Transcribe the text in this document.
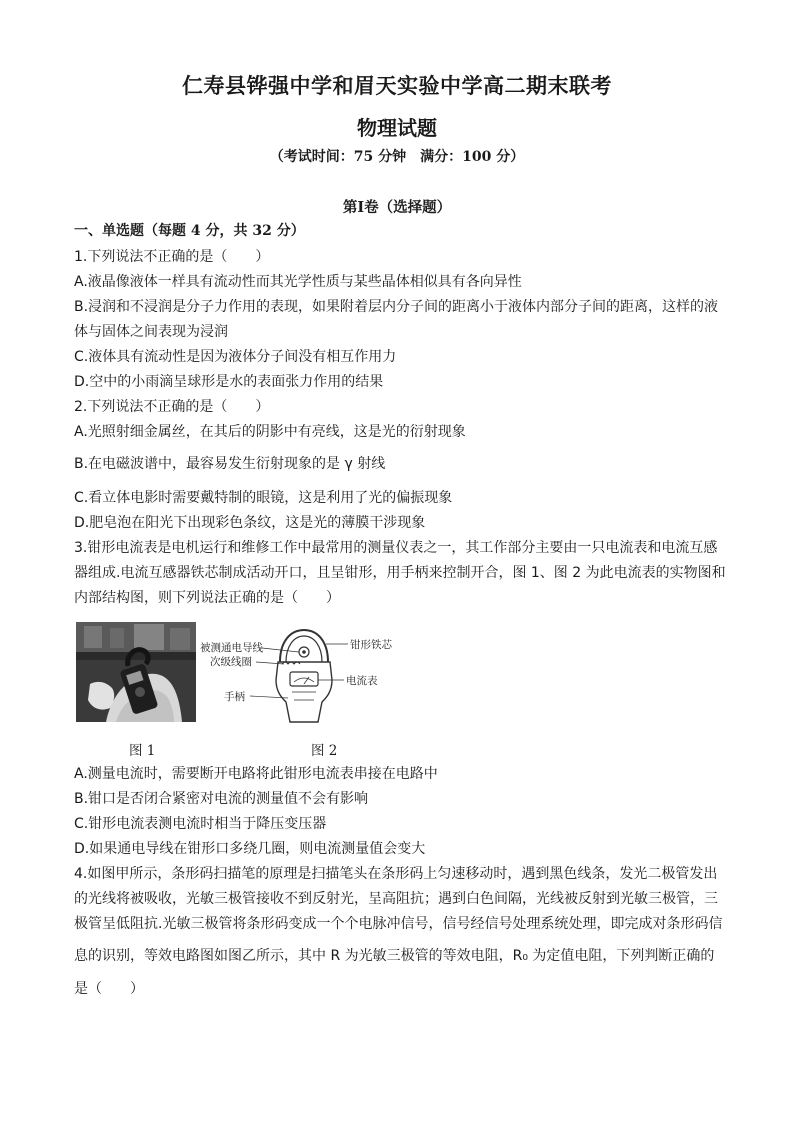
仁寿县铧强中学和眉天实验中学高二期末联考
物理试题
（考试时间：75 分钟　满分：100 分）
第Ⅰ卷（选择题）
一、单选题（每题 4 分，共 32 分）
1.下列说法不正确的是（　　）
A.液晶像液体一样具有流动性而其光学性质与某些晶体相似具有各向异性
B.浸润和不浸润是分子力作用的表现，如果附着层内分子间的距离小于液体内部分子间的距离，这样的液
体与固体之间表现为浸润
C.液体具有流动性是因为液体分子间没有相互作用力
D.空中的小雨滴呈球形是水的表面张力作用的结果
2.下列说法不正确的是（　　）
A.光照射细金属丝，在其后的阴影中有亮线，这是光的衍射现象
B.在电磁波谱中，最容易发生衍射现象的是 γ 射线
C.看立体电影时需要戴特制的眼镜，这是利用了光的偏振现象
D.肥皂泡在阳光下出现彩色条纹，这是光的薄膜干涉现象
3.钳形电流表是电机运行和维修工作中最常用的测量仪表之一，其工作部分主要由一只电流表和电流互感
器组成.电流互感器铁芯制成活动开口，且呈钳形，用手柄来控制开合，图 1、图 2 为此电流表的实物图和
内部结构图，则下列说法正确的是（　　）
被测通电导线
次级线圈
钳形铁芯
电流表
手柄
图 1	图 2
A.测量电流时，需要断开电路将此钳形电流表串接在电路中
B.钳口是否闭合紧密对电流的测量值不会有影响
C.钳形电流表测电流时相当于降压变压器
D.如果通电导线在钳形口多绕几圈，则电流测量值会变大
4.如图甲所示，条形码扫描笔的原理是扫描笔头在条形码上匀速移动时，遇到黑色线条，发光二极管发出
的光线将被吸收，光敏三极管接收不到反射光，呈高阻抗；遇到白色间隔，光线被反射到光敏三极管，三
极管呈低阻抗.光敏三极管将条形码变成一个个电脉冲信号，信号经信号处理系统处理，即完成对条形码信
息的识别，等效电路图如图乙所示，其中 R 为光敏三极管的等效电阻，R₀ 为定值电阻，下列判断正确的
是（　　）
